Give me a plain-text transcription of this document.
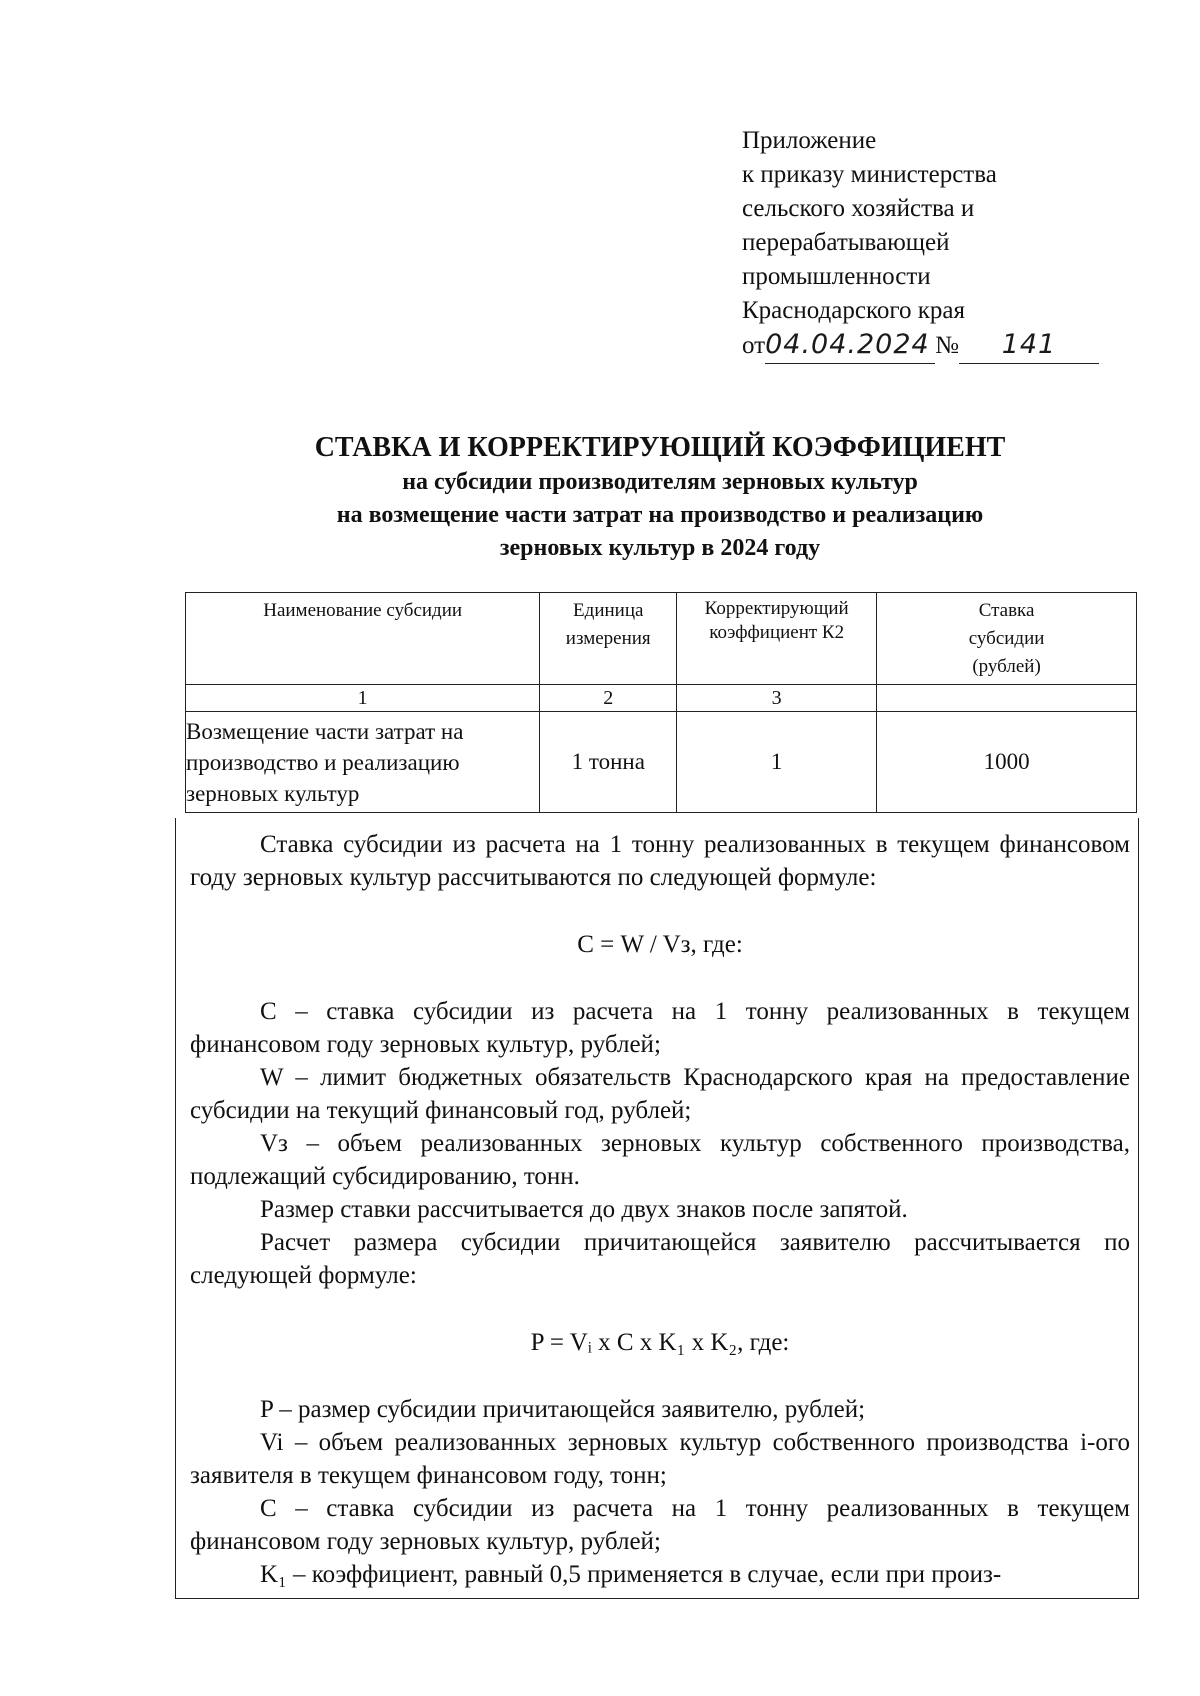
Приложение
к приказу министерства
сельского хозяйства и
перерабатывающей
промышленности
Краснодарского края
от04.04.2024 № 141
СТАВКА И КОРРЕКТИРУЮЩИЙ КОЭФФИЦИЕНТ
на субсидии производителям зерновых культур
на возмещение части затрат на производство и реализацию
зерновых культур в 2024 году
Наименование субсидии	Единица измерения	Корректирующий коэффициент К2	Ставка субсидии (рублей)
1	2	3	
Возмещение части затрат на производство и реализацию зерновых культур	1 тонна	1	1000

Ставка субсидии из расчета на 1 тонну реализованных в текущем финансовом году зерновых культур рассчитываются по следующей формуле:

С = W / Vз, где:

С – ставка субсидии из расчета на 1 тонну реализованных в текущем финансовом году зерновых культур, рублей;

W – лимит бюджетных обязательств Краснодарского края на предоставление субсидии на текущий финансовый год, рублей;

Vз – объем реализованных зерновых культур собственного производства, подлежащий субсидированию, тонн.

Размер ставки рассчитывается до двух знаков после запятой.

Расчет размера субсидии причитающейся заявителю рассчитывается по следующей формуле:

P = Vᵢ x C x K₁ x K₂, где:

P – размер субсидии причитающейся заявителю, рублей;

Vi – объем реализованных зерновых культур собственного производства i-ого заявителя в текущем финансовом году, тонн;

С – ставка субсидии из расчета на 1 тонну реализованных в текущем финансовом году зерновых культур, рублей;

K₁ – коэффициент, равный 0,5 применяется в случае, если при произ-
